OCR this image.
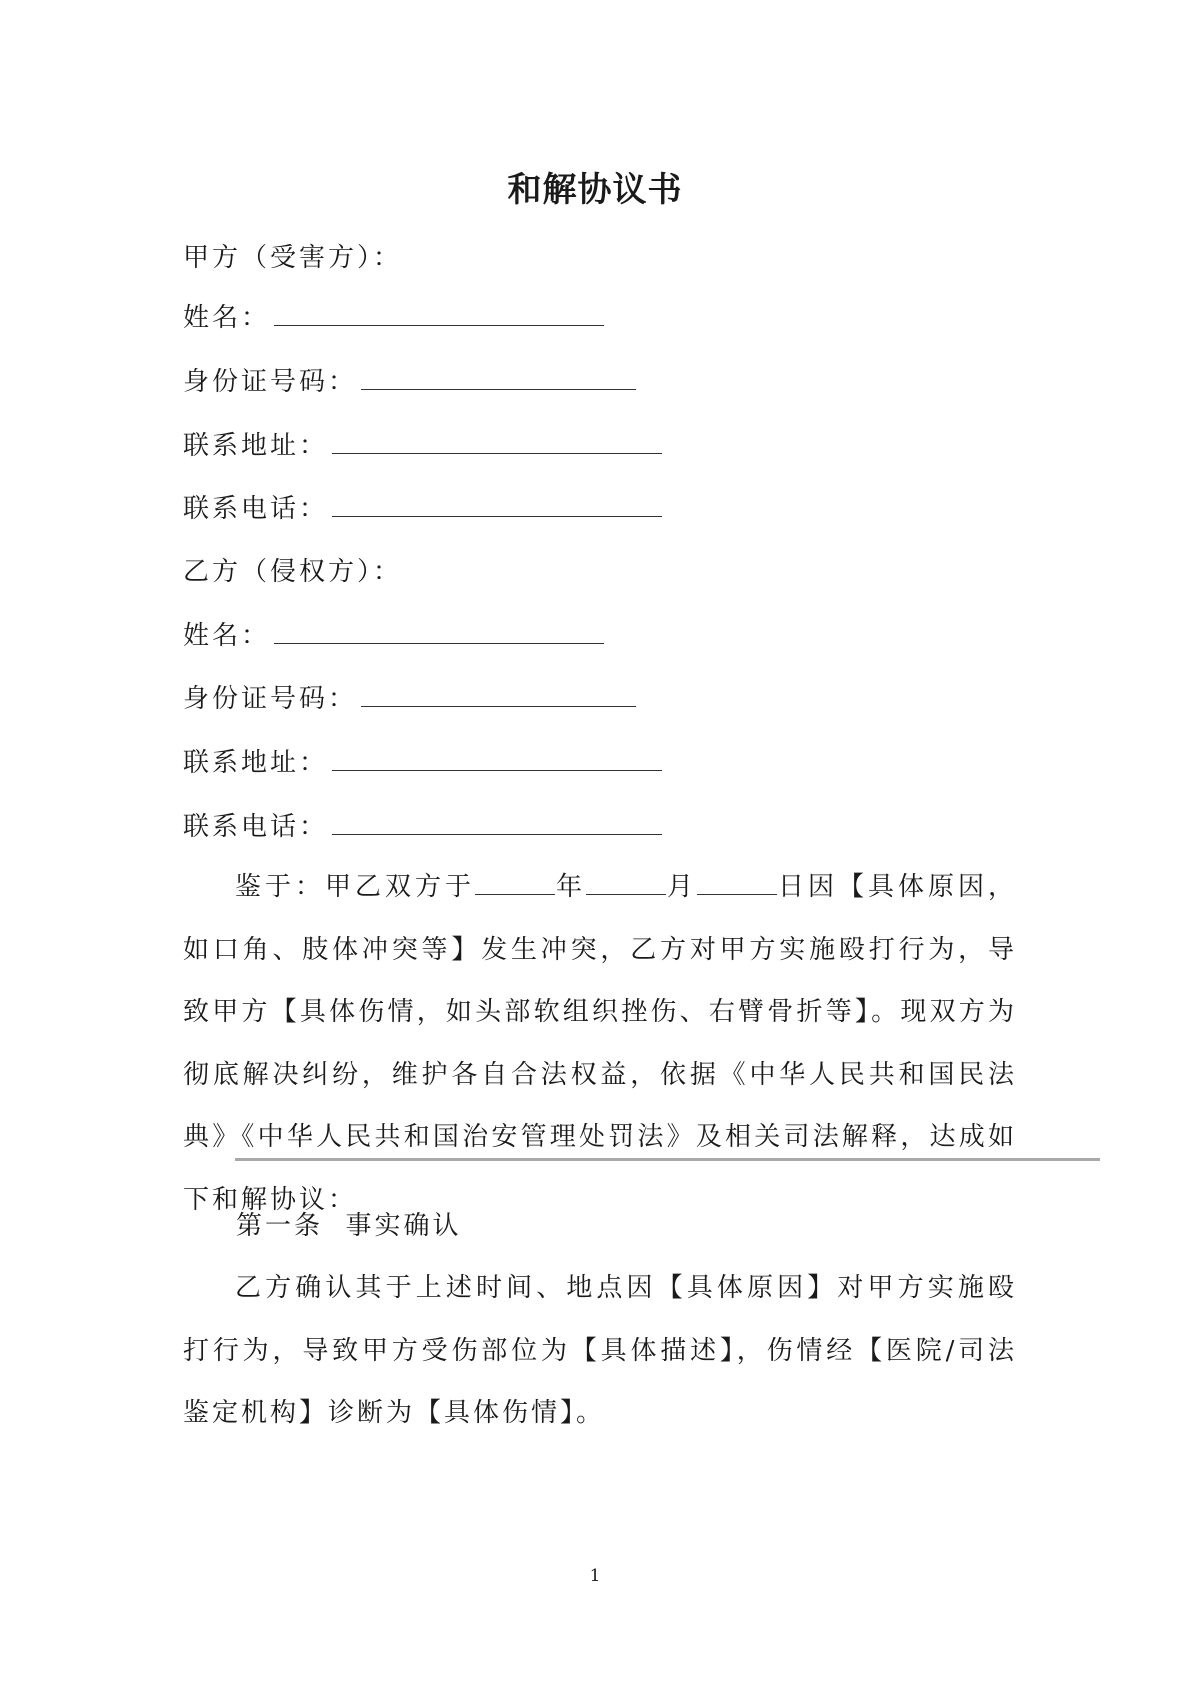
和解协议书
甲方（受害方）：
姓名：
身份证号码：
联系地址：
联系电话：
乙方（侵权方）：
姓名：
身份证号码：
联系地址：
联系电话：
鉴于：甲乙双方于	年	月	日因【具体原因，如口角、肢体冲突等】发生冲突，乙方对甲方实施殴打行为，导致甲方【具体伤情，如头部软组织挫伤、右臂骨折等】。现双方为彻底解决纠纷，维护各自合法权益，依据《中华人民共和国民法典》《中华人民共和国治安管理处罚法》及相关司法解释，达成如下和解协议：
第一条  事实确认
乙方确认其于上述时间、地点因【具体原因】对甲方实施殴打行为，导致甲方受伤部位为【具体描述】，伤情经【医院/司法鉴定机构】诊断为【具体伤情】。
1
